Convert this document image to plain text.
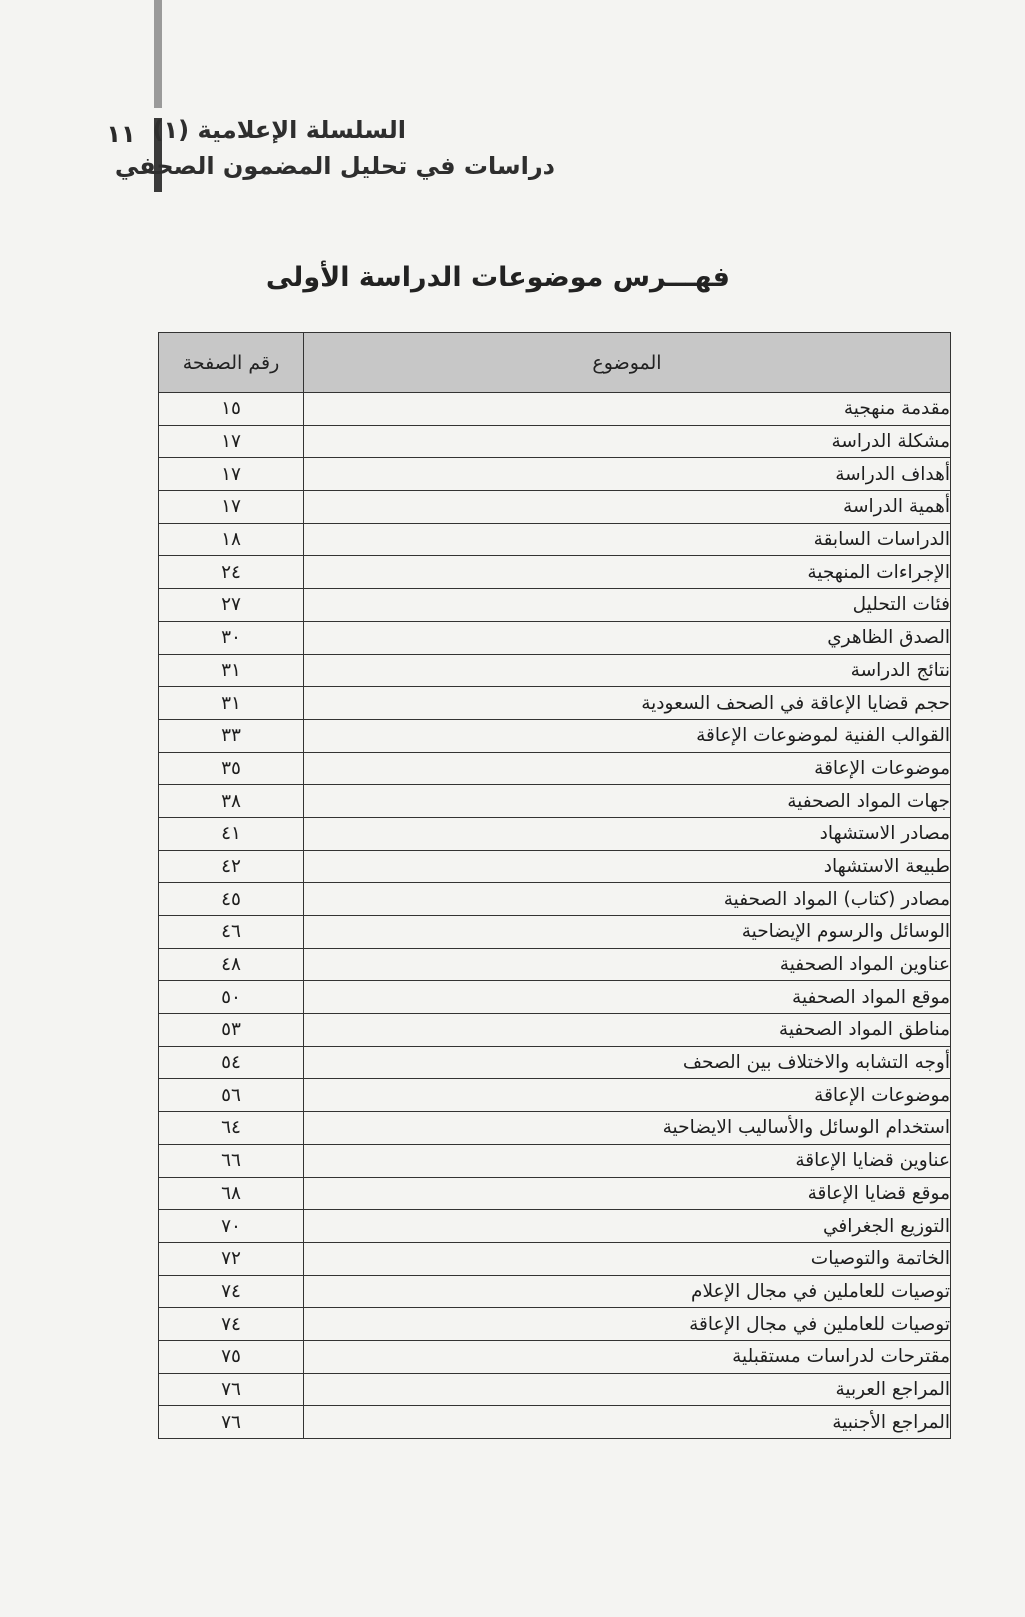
١١ السلسلة الإعلامية (١)
دراسات في تحليل المضمون الصحفي
فهـــرس موضوعات الدراسة الأولى
رقم الصفحة	الموضوع
١٥	مقدمة منهجية
١٧	مشكلة الدراسة
١٧	أهداف الدراسة
١٧	أهمية الدراسة
١٨	الدراسات السابقة
٢٤	الإجراءات المنهجية
٢٧	فئات التحليل
٣٠	الصدق الظاهري
٣١	نتائج الدراسة
٣١	حجم قضايا الإعاقة في الصحف السعودية
٣٣	القوالب الفنية لموضوعات الإعاقة
٣٥	موضوعات الإعاقة
٣٨	جهات المواد الصحفية
٤١	مصادر الاستشهاد
٤٢	طبيعة الاستشهاد
٤٥	مصادر (كتاب) المواد الصحفية
٤٦	الوسائل والرسوم الإيضاحية
٤٨	عناوين المواد الصحفية
٥٠	موقع المواد الصحفية
٥٣	مناطق المواد الصحفية
٥٤	أوجه التشابه والاختلاف بين الصحف
٥٦	موضوعات الإعاقة
٦٤	استخدام الوسائل والأساليب الايضاحية
٦٦	عناوين قضايا الإعاقة
٦٨	موقع قضايا الإعاقة
٧٠	التوزيع الجغرافي
٧٢	الخاتمة والتوصيات
٧٤	توصيات للعاملين في مجال الإعلام
٧٤	توصيات للعاملين في مجال الإعاقة
٧٥	مقترحات لدراسات مستقبلية
٧٦	المراجع العربية
٧٦	المراجع الأجنبية
